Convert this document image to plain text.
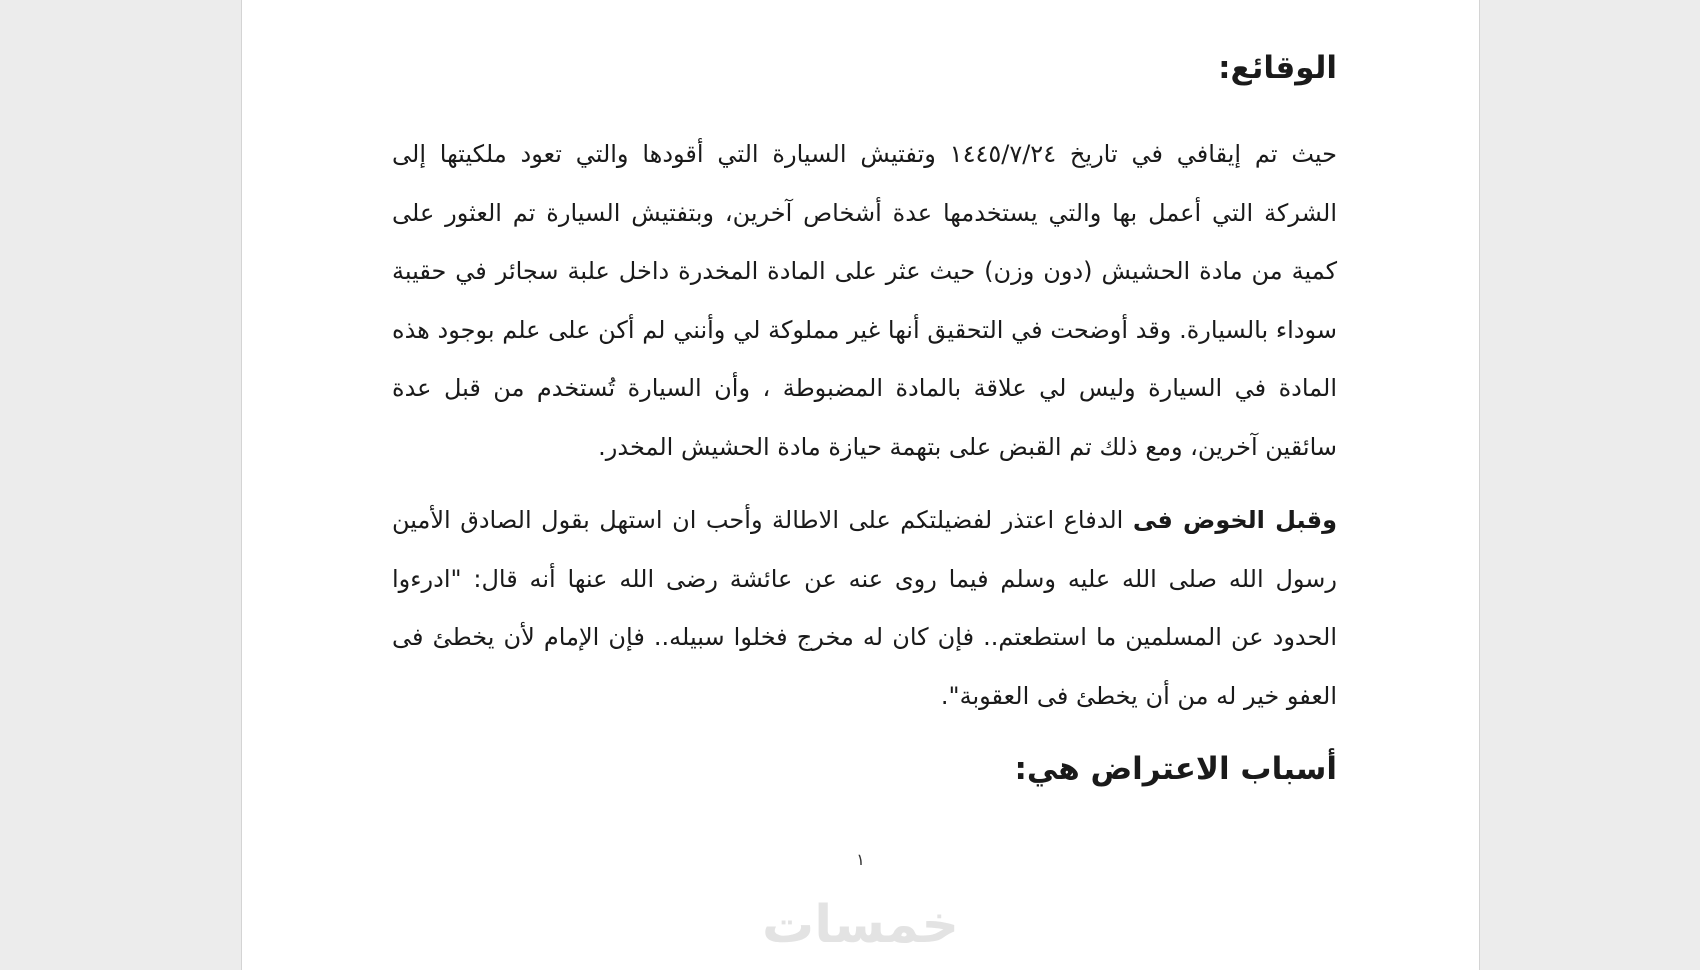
الوقائع:

حيث تم إيقافي في تاريخ ١٤٤٥/٧/٢٤ وتفتيش السيارة التي أقودها والتي تعود ملكيتها إلى الشركة التي أعمل بها والتي يستخدمها عدة أشخاص آخرين، وبتفتيش السيارة تم العثور على كمية من مادة الحشيش (دون وزن) حيث عثر على المادة المخدرة داخل علبة سجائر في حقيبة سوداء بالسيارة. وقد أوضحت في التحقيق أنها غير مملوكة لي وأنني لم أكن على علم بوجود هذه المادة في السيارة وليس لي علاقة بالمادة المضبوطة ، وأن السيارة تُستخدم من قبل عدة سائقين آخرين، ومع ذلك تم القبض على بتهمة حيازة مادة الحشيش المخدر.

وقبل الخوض فى الدفاع اعتذر لفضيلتكم على الاطالة وأحب ان استهل بقول الصادق الأمين رسول الله صلى الله عليه وسلم فيما روى عنه عن عائشة رضى الله عنها أنه قال: "ادرءوا الحدود عن المسلمين ما استطعتم.. فإن كان له مخرج فخلوا سبيله.. فإن الإمام لأن يخطئ فى العفو خير له من أن يخطئ فى العقوبة".

أسباب الاعتراض هي:
١
خمسات
